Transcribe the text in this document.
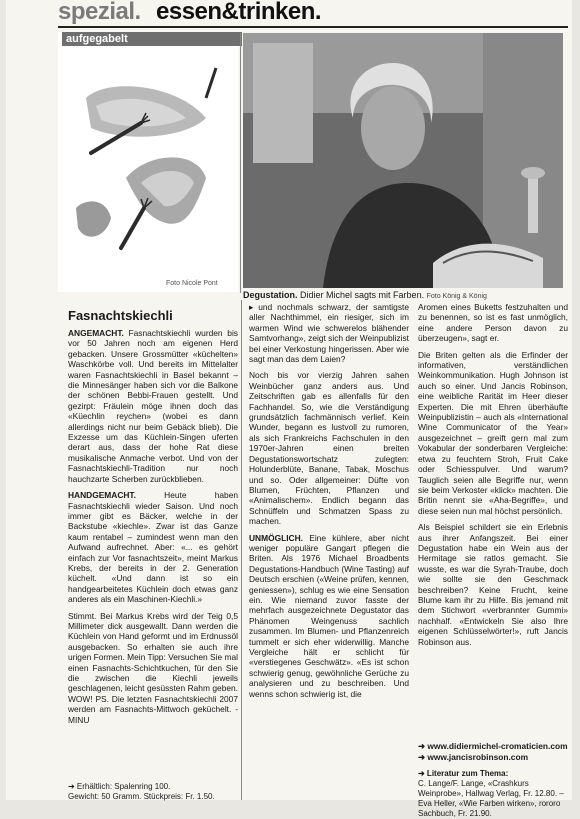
spezial. essen&trinken.
aufgegabelt
Foto Nicole Pont
Degustation. Didier Michel sagts mit Farben. Foto König & König
Fasnachtskiechli

ANGEMACHT. Fasnachtskiechli wurden bis vor 50 Jahren noch am eigenen Herd gebacken. Unsere Grossmütter «küchelten» Waschkörbe voll. Und bereits im Mittelalter waren Fasnachtskiechli in Basel bekannt – die Minnesänger haben sich vor die Balkone der schönen Bebbi-Frauen gestellt. Und gezirpt: Fräulein möge ihnen doch das «Küechlin reychen» (wobei es dann allerdings nicht nur beim Gebäck blieb). Die Exzesse um das Küchlein-Singen uferten derart aus, dass der hohe Rat diese musikalische Anmache verbot. Und von der Fasnachtskiechli-Tradition nur noch hauchzarte Scherben zurückblieben.

HANDGEMACHT.	Heute haben Fasnachtskiechli wieder Saison. Und noch immer gibt es Bäcker, welche in der Backstube «kiechle». Zwar ist das Ganze kaum rentabel – zumindest wenn man den Aufwand aufrechnet. Aber: «... es gehört einfach zur Vor fasnachtszeit», meint Markus Krebs, der bereits in der 2. Generation küchelt. «Und dann ist so ein handgearbeitetes Küchlein doch etwas ganz anderes als ein Maschinen-Kiechli.»

Stimmt. Bei Markus Krebs wird der Teig 0,5 Millimeter dick ausgewallt. Dann werden die Küchlein von Hand geformt und im Erdnussöl ausgebacken. So erhalten sie auch ihre urigen Formen. Mein Tipp: Versuchen Sie mal einen Fasnachts-Schichtkuchen, für den Sie die zwischen die Kiechli jeweils geschlagenen, leicht gesüssten Rahm geben. WOW! PS. Die letzten Fasnachtskiechli 2007 werden am Fasnachts-Mittwoch geküchelt. -MINU

➜ Erhältlich: Spalenring 100.
Gewicht: 50 Gramm. Stückpreis: Fr. 1.50.

▸ und nochmals schwarz, der samtigste aller Nachthimmel, ein riesiger, sich im warmen Wind wie schwerelos blähender Samtvorhang», zeigt sich der Weinpublizist bei einer Verkostung hingerissen. Aber wie sagt man das dem Laien?

Noch bis vor vierzig Jahren sahen Weinbücher ganz anders aus. Und Zeitschriften gab es allenfalls für den Fachhandel. So, wie die Verständigung grundsätzlich fachmännisch verlief. Kein Wunder, begann es lustvoll zu rumoren, als sich Frankreichs Fachschulen in den 1970er-Jahren einen breiten Degustationswortschatz zulegten: Holunderblüte, Banane, Tabak, Moschus und so. Oder allgemeiner: Düfte von Blumen, Früchten, Pflanzen und «Animalischem». Endlich begann das Schnüffeln und Schmatzen Spass zu machen.

UNMÖGLICH. Eine kühlere, aber nicht weniger populäre Gangart pflegen die Briten. Als 1976 Michael Broadbents Degustations-Handbuch (Wine Tasting) auf Deutsch erschien («Weine prüfen, kennen, geniessen»), schlug es wie eine Sensation ein. Wie niemand zuvor fasste der mehrfach ausgezeichnete Degustator das Phänomen Weingenuss sachlich zusammen. Im Blumen- und Pflanzenreich tummelt er sich eher widerwillig. Manche Vergleiche hält er schlicht für «verstiegenes Geschwätz». «Es ist schon schwierig genug, gewöhnliche Gerüche zu analysieren und zu beschreiben. Und wenns schon schwierig ist, die

Aromen eines Buketts festzuhalten und zu benennen, so ist es fast unmöglich, eine andere Person davon zu überzeugen», sagt er.

Die Briten gelten als die Erfinder der informativen, verständlichen Weinkommunikation. Hugh Johnson ist auch so einer. Und Jancis Robinson, eine weibliche Rarität im Heer dieser Experten. Die mit Ehren überhäufte Weinpublizistin – auch als «International Wine Communicator of the Year» ausgezeichnet – greift gern mal zum Vokabular der sonderbaren Vergleiche: etwa zu feuchtem Stroh, Fruit Cake oder Schiesspulver. Und warum? Tauglich seien alle Begriffe nur, wenn sie beim Verkoster «klick» machten. Die Britin nennt sie «Aha-Begriffe», und diese seien nun mal höchst persönlich.

Als Beispiel schildert sie ein Erlebnis aus ihrer Anfangszeit. Bei einer Degustation habe ein Wein aus der Hermitage sie ratlos gemacht. Sie wusste, es war die Syrah-Traube, doch wie sollte sie den Geschmack beschreiben? Keine Frucht, keine Blume kam ihr zu Hilfe. Bis jemand mit dem Stichwort «verbrannter Gummi» nachhalf. «Entwickeln Sie also Ihre eigenen Schlüsselwörter!», ruft Jancis Robinson aus.

➜ www.didiermichel-cromaticien.com
➜ www.jancisrobinson.com
➜ Literatur zum Thema:
C. Lange/F. Lange, «Crashkurs Weinprobe», Hallwag Verlag, Fr. 12.80. – Eva Heller, «Wie Farben wirken», rororo Sachbuch, Fr. 21.90.
